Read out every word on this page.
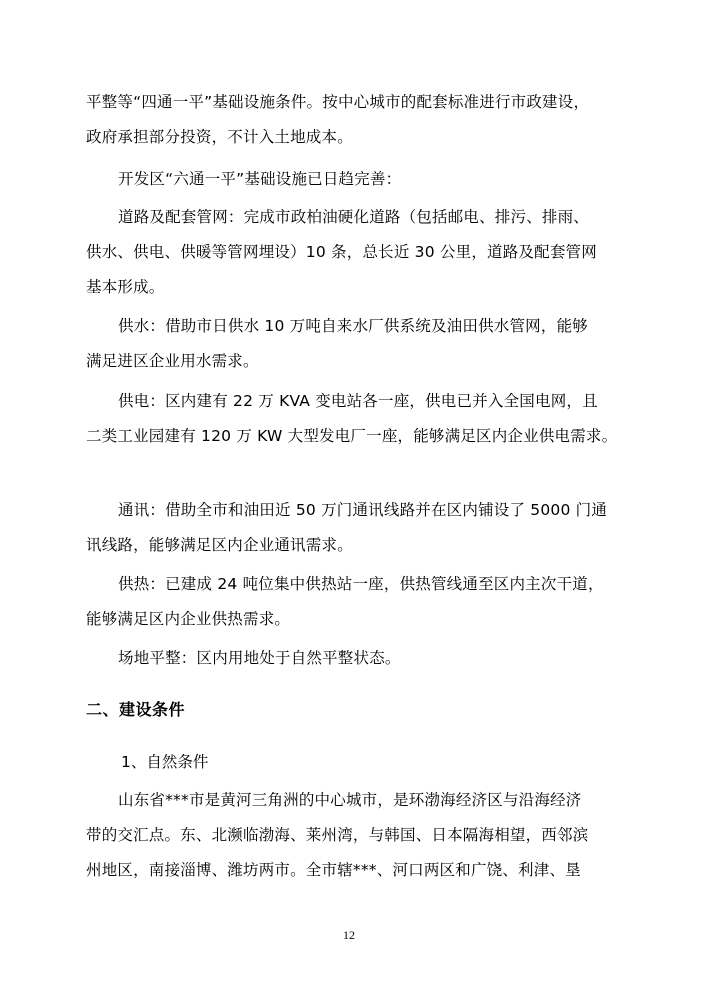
平整等“四通一平”基础设施条件。按中心城市的配套标准进行市政建设，
政府承担部分投资，不计入土地成本。
开发区“六通一平”基础设施已日趋完善：
道路及配套管网：完成市政柏油硬化道路（包括邮电、排污、排雨、
供水、供电、供暖等管网埋设）10 条，总长近 30 公里，道路及配套管网
基本形成。
供水：借助市日供水 10 万吨自来水厂供系统及油田供水管网，能够
满足进区企业用水需求。
供电：区内建有 22 万 KVA 变电站各一座，供电已并入全国电网，且
二类工业园建有 120 万 KW 大型发电厂一座，能够满足区内企业供电需求。
通讯：借助全市和油田近 50 万门通讯线路并在区内铺设了 5000 门通
讯线路，能够满足区内企业通讯需求。
供热：已建成 24 吨位集中供热站一座，供热管线通至区内主次干道，
能够满足区内企业供热需求。
场地平整：区内用地处于自然平整状态。
二、建设条件
1、自然条件
山东省***市是黄河三角洲的中心城市，是环渤海经济区与沿海经济
带的交汇点。东、北濒临渤海、莱州湾，与韩国、日本隔海相望，西邻滨
州地区，南接淄博、潍坊两市。全市辖***、河口两区和广饶、利津、垦
12
